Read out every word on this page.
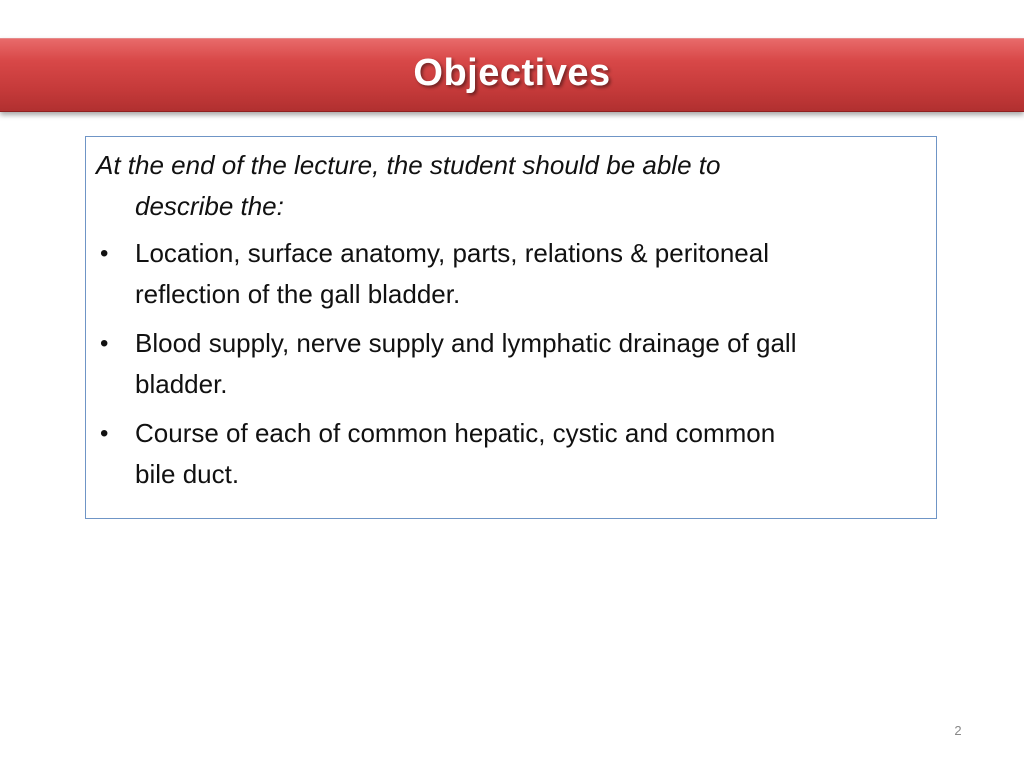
Objectives
At the end of the lecture, the student should be able to
describe the:
• Location, surface anatomy, parts, relations & peritoneal
reflection of the gall bladder.
• Blood supply, nerve supply and lymphatic drainage of gall
bladder.
• Course of each of common hepatic, cystic and common
bile duct.
2
